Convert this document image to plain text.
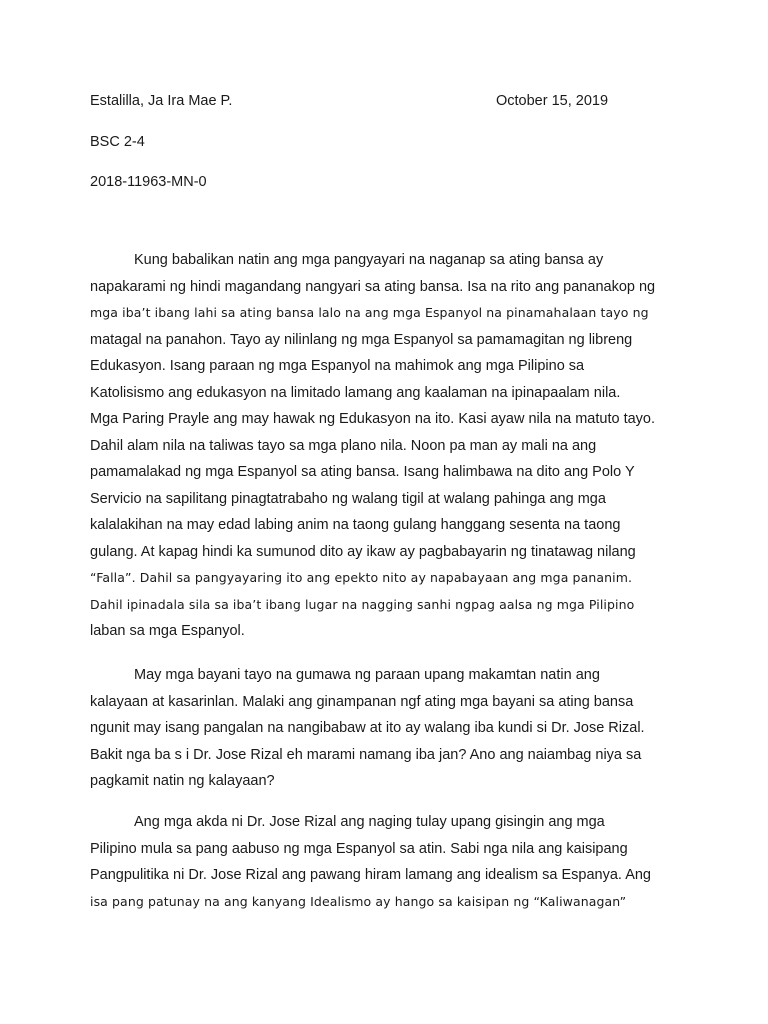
Estalilla, Ja Ira Mae P.	October 15, 2019
BSC 2-4
2018-11963-MN-0
Kung babalikan natin ang mga pangyayari na naganap sa ating bansa ay
napakarami ng hindi magandang nangyari sa ating bansa. Isa na rito ang pananakop ng
mga iba’t ibang lahi sa ating bansa lalo na ang mga Espanyol na pinamahalaan tayo ng
matagal na panahon. Tayo ay nilinlang ng mga Espanyol sa pamamagitan ng libreng
Edukasyon. Isang paraan ng mga Espanyol na mahimok ang mga Pilipino sa
Katolisismo ang edukasyon na limitado lamang ang kaalaman na ipinapaalam nila.
Mga Paring Prayle ang may hawak ng Edukasyon na ito. Kasi ayaw nila na matuto tayo.
Dahil alam nila na taliwas tayo sa mga plano nila. Noon pa man ay mali na ang
pamamalakad ng mga Espanyol sa ating bansa. Isang halimbawa na dito ang Polo Y
Servicio na sapilitang pinagtatrabaho ng walang tigil at walang pahinga ang mga
kalalakihan na may edad labing anim na taong gulang hanggang sesenta na taong
gulang. At kapag hindi ka sumunod dito ay ikaw ay pagbabayarin ng tinatawag nilang
“Falla”. Dahil sa pangyayaring ito ang epekto nito ay napabayaan ang mga pananim.
Dahil ipinadala sila sa iba’t ibang lugar na nagging sanhi ngpag aalsa ng mga Pilipino
laban sa mga Espanyol.
May mga bayani tayo na gumawa ng paraan upang makamtan natin ang
kalayaan at kasarinlan. Malaki ang ginampanan ngf ating mga bayani sa ating bansa
ngunit may isang pangalan na nangibabaw at ito ay walang iba kundi si Dr. Jose Rizal.
Bakit nga ba s i Dr. Jose Rizal eh marami namang iba jan? Ano ang naiambag niya sa
pagkamit natin ng kalayaan?
Ang mga akda ni Dr. Jose Rizal ang naging tulay upang gisingin ang mga
Pilipino mula sa pang aabuso ng mga Espanyol sa atin. Sabi nga nila ang kaisipang
Pangpulitika ni Dr. Jose Rizal ang pawang hiram lamang ang idealism sa Espanya. Ang
isa pang patunay na ang kanyang Idealismo ay hango sa kaisipan ng “Kaliwanagan”
